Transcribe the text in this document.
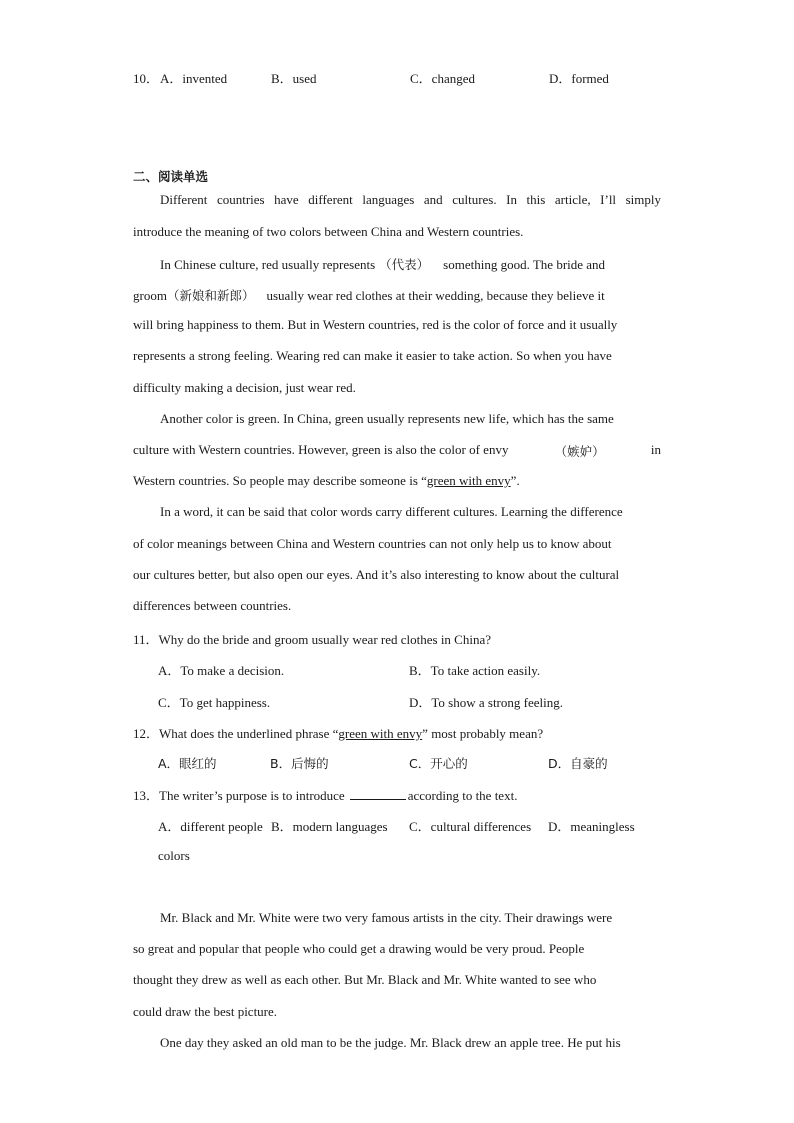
10． A．invented	B．used	C．changed	D．formed
二、阅读单选
Different countries have different languages and cultures. In this article, I’ll simply
introduce the meaning of two colors between China and Western countries.
In Chinese culture, red usually represents （代表） something good. The bride and
groom（新娘和新郎） usually wear red clothes at their wedding, because they believe it
will bring happiness to them. But in Western countries, red is the color of force and it usually
represents a strong feeling. Wearing red can make it easier to take action. So when you have
difficulty making a decision, just wear red.
Another color is green. In China, green usually represents new life, which has the same
culture with Western countries. However, green is also the color of envy	（嫉妒）	in
Western countries. So people may describe someone is “green with envy”.
In a word, it can be said that color words carry different cultures. Learning the difference
of color meanings between China and Western countries can not only help us to know about
our cultures better, but also open our eyes. And it’s also interesting to know about the cultural
differences between countries.
11．Why do the bride and groom usually wear red clothes in China?
A．To make a decision.	B．To take action easily.
C．To get happiness.	D．To show a strong feeling.
12．What does the underlined phrase “green with envy” most probably mean?
A．眼红的	B．后悔的	C．开心的	D．自豪的
13．The writer’s purpose is to introduce	according to the text.
A．different people B．modern languages C．cultural differences D．meaningless
colors
Mr. Black and Mr. White were two very famous artists in the city. Their drawings were
so great and popular that people who could get a drawing would be very proud. People
thought they drew as well as each other. But Mr. Black and Mr. White wanted to see who
could draw the best picture.
One day they asked an old man to be the judge. Mr. Black drew an apple tree. He put his
